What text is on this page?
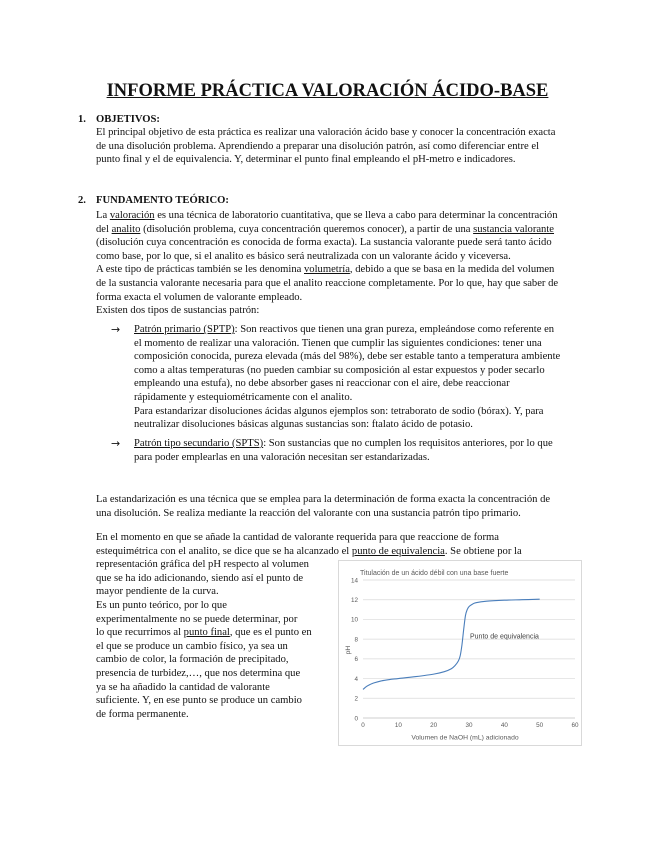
INFORME PRÁCTICA VALORACIÓN ÁCIDO-BASE
1. OBJETIVOS:
El principal objetivo de esta práctica es realizar una valoración ácido base y conocer la concentración exacta
de una disolución problema. Aprendiendo a preparar una disolución patrón, así como diferenciar entre el
punto final y el de equivalencia. Y, determinar el punto final empleando el pH-metro e indicadores.
2. FUNDAMENTO TEÓRICO:
La valoración es una técnica de laboratorio cuantitativa, que se lleva a cabo para determinar la concentración
del analito (disolución problema, cuya concentración queremos conocer), a partir de una sustancia valorante
(disolución cuya concentración es conocida de forma exacta). La sustancia valorante puede será tanto ácido
como base, por lo que, si el analito es básico será neutralizada con un valorante ácido y viceversa.
A este tipo de prácticas también se les denomina volumetría, debido a que se basa en la medida del volumen
de la sustancia valorante necesaria para que el analito reaccione completamente. Por lo que, hay que saber de
forma exacta el volumen de valorante empleado.
Existen dos tipos de sustancias patrón:
→ Patrón primario (SPTP): Son reactivos que tienen una gran pureza, empleándose como referente en
el momento de realizar una valoración. Tienen que cumplir las siguientes condiciones: tener una
composición conocida, pureza elevada (más del 98%), debe ser estable tanto a temperatura ambiente
como a altas temperaturas (no pueden cambiar su composición al estar expuestos y poder secarlo
empleando una estufa), no debe absorber gases ni reaccionar con el aire, debe reaccionar
rápidamente y estequiométricamente con el analito.
Para estandarizar disoluciones ácidas algunos ejemplos son: tetraborato de sodio (bórax). Y, para
neutralizar disoluciones básicas algunas sustancias son: ftalato ácido de potasio.
→ Patrón tipo secundario (SPTS): Son sustancias que no cumplen los requisitos anteriores, por lo que
para poder emplearlas en una valoración necesitan ser estandarizadas.
La estandarización es una técnica que se emplea para la determinación de forma exacta la concentración de
una disolución. Se realiza mediante la reacción del valorante con una sustancia patrón tipo primario.
En el momento en que se añade la cantidad de valorante requerida para que reaccione de forma
estequimétrica con el analito, se dice que se ha alcanzado el punto de equivalencia. Se obtiene por la
representación gráfica del pH respecto al volumen
que se ha ido adicionando, siendo así el punto de
mayor pendiente de la curva.
Es un punto teórico, por lo que
experimentalmente no se puede determinar, por
lo que recurrimos al punto final, que es el punto en
el que se produce un cambio físico, ya sea un
cambio de color, la formación de precipitado,
presencia de turbidez,…, que nos determina que
ya se ha añadido la cantidad de valorante
suficiente. Y, en ese punto se produce un cambio
de forma permanente.
Titulación de un ácido débil con una base fuerte
0
2
4
6
8
10
12
14
0	10	20	30	40	50	60
Punto de equivalencia
pH
Volumen de NaOH (mL) adicionado
